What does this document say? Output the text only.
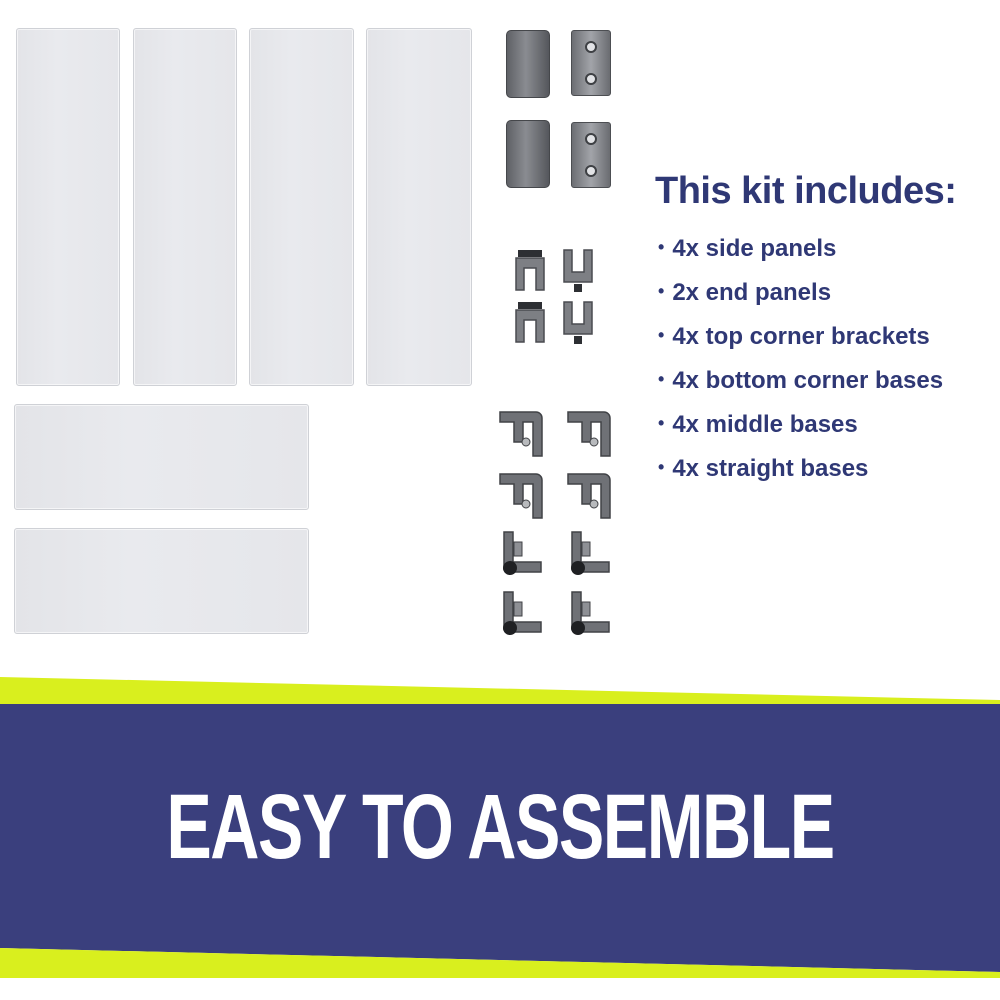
This kit includes:
• 4x side panels
• 2x end panels
• 4x top corner brackets
• 4x bottom corner bases
• 4x middle bases
• 4x straight bases
EASY TO ASSEMBLE
